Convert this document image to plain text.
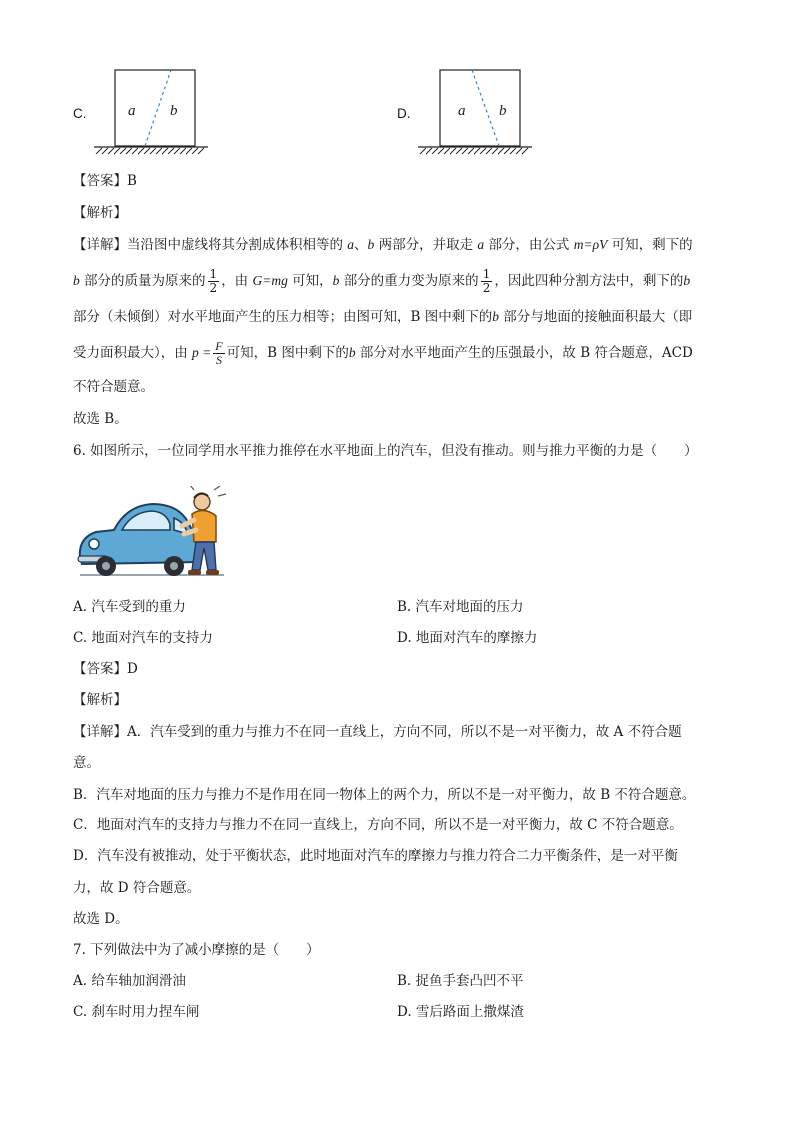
C.	a b	D.	a b
【答案】B
【解析】
【详解】当沿图中虚线将其分割成体积相等的 a、b 两部分，并取走 a 部分，由公式 m=ρV 可知，剩下的
b 部分的质量为原来的 $\frac{1}{2}$ ，由 G=mg 可知，b 部分的重力变为原来的 $\frac{1}{2}$ ，因此四种分割方法中，剩下的b
部分（未倾倒）对水平地面产生的压力相等；由图可知，B 图中剩下的b 部分与地面的接触面积最大（即
受力面积最大），由 $p = \frac{F}{S}$ 可知，B 图中剩下的b 部分对水平地面产生的压强最小，故 B 符合题意，ACD
不符合题意。
故选 B。
6. 如图所示，一位同学用水平推力推停在水平地面上的汽车，但没有推动。则与推力平衡的力是（　　）
A. 汽车受到的重力	B. 汽车对地面的压力
C. 地面对汽车的支持力	D. 地面对汽车的摩擦力
【答案】D
【解析】
【详解】A．汽车受到的重力与推力不在同一直线上，方向不同，所以不是一对平衡力，故 A 不符合题
意。
B．汽车对地面的压力与推力不是作用在同一物体上的两个力，所以不是一对平衡力，故 B 不符合题意。
C．地面对汽车的支持力与推力不在同一直线上，方向不同，所以不是一对平衡力，故 C 不符合题意。
D．汽车没有被推动，处于平衡状态，此时地面对汽车的摩擦力与推力符合二力平衡条件，是一对平衡
力，故 D 符合题意。
故选 D。
7. 下列做法中为了减小摩擦的是（　　）
A. 给车轴加润滑油	B. 捉鱼手套凸凹不平
C. 刹车时用力捏车闸	D. 雪后路面上撒煤渣
